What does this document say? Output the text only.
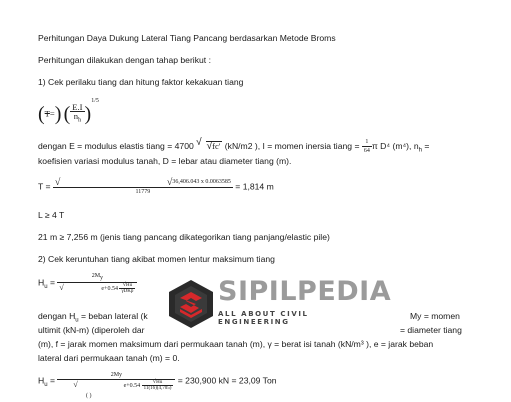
Perhitungan Daya Dukung Lateral Tiang Pancang berdasarkan Metode Broms
Perhitungan dilakukan dengan tahap berikut :
1) Cek perilaku tiang dan hitung faktor kekakuan tiang
(T=) ( $\frac{E.I}{n_h} )^{1/5}$
dengan E = modulus elastis tiang = 4700 √ √fc' (kN/m2 ), I = momen inersia tiang = $\frac{1}{64}$ π D⁴ (m⁴), $n_h$ =
koefisien variasi modulus tanah, D = lebar atau diameter tiang (m).
T = √	√36,406.043 x 0.0063585
11779 = 1,814 m
L ≥ 4 T
21 m ≥ 7,256 m (jenis tiang pancang dikategorikan tiang panjang/elastic pile)
2) Cek keruntuhan tiang akibat momen lentur maksimum tiang
$H_u = 2M_y$
√	$e+0.54 \frac{√Hu}{\text{γDKp}}$
dengan $H_u$ = beban lateral (k	My = momen
ultimit (kN-m) (diperoleh dar	= diameter tiang
(m), f = jarak momen maksimum dari permukaan tanah (m), γ = berat isi tanah (kN/m³ ), e = jarak beban
lateral dari permukaan tanah (m) = 0.
$H_u = 2My$
√	$e+0.54 \frac{√Hu}{11(16)(4,705)} = 230,900$ kN = 23,09 Ton
( )
SIPILPEDIA
ALL ABOUT CIVIL ENGINEERING
